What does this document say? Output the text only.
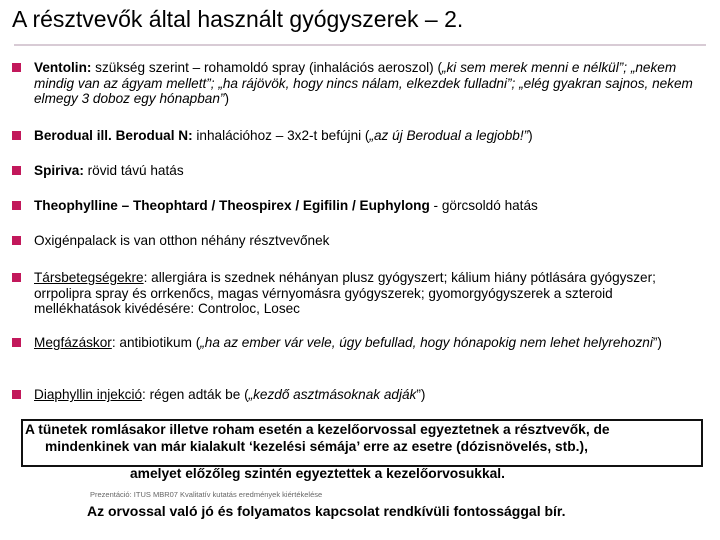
A résztvevők által használt gyógyszerek – 2.
Ventolin: szükség szerint – rohamoldó spray (inhalációs aeroszol) („ki sem merek menni e nélkül”; „nekem mindig van az ágyam mellett”; „ha rájövök, hogy nincs nálam, elkezdek fulladni”; „elég gyakran sajnos, nekem elmegy 3 doboz egy hónapban”)
Berodual ill. Berodual N: inhalációhoz – 3x2-t befújni („az új Berodual a legjobb!”)
Spiriva: rövid távú hatás
Theophylline – Theophtard / Theospirex / Egifilin / Euphylong - görcsoldó hatás
Oxigénpalack is van otthon néhány résztvevőnek
Társbetegségekre: allergiára is szednek néhányan plusz gyógyszert; kálium hiány pótlására gyógyszer; orrpolipra spray és orrkenőcs, magas vérnyomásra gyógyszerek; gyomorgyógyszerek a szteroid mellékhatások kivédésére: Controloc, Losec
Megfázáskor: antibiotikum („ha az ember vár vele, úgy befullad, hogy hónapokig nem lehet helyrehozni”)
Diaphyllin injekció: régen adták be („kezdő asztmásoknak adják”)
A tünetek romlásakor illetve roham esetén a kezelőorvossal egyeztetnek a résztvevők, de
mindenkinek van már kialakult ‘kezelési sémája’ erre az esetre (dózisnövelés, stb.),
amelyet előzőleg szintén egyeztettek a kezelőorvosukkal.
Prezentáció: ITUS MBR07 Kvalitatív kutatás eredmények kiértékelése
Az orvossal való jó és folyamatos kapcsolat rendkívüli fontossággal bír.
